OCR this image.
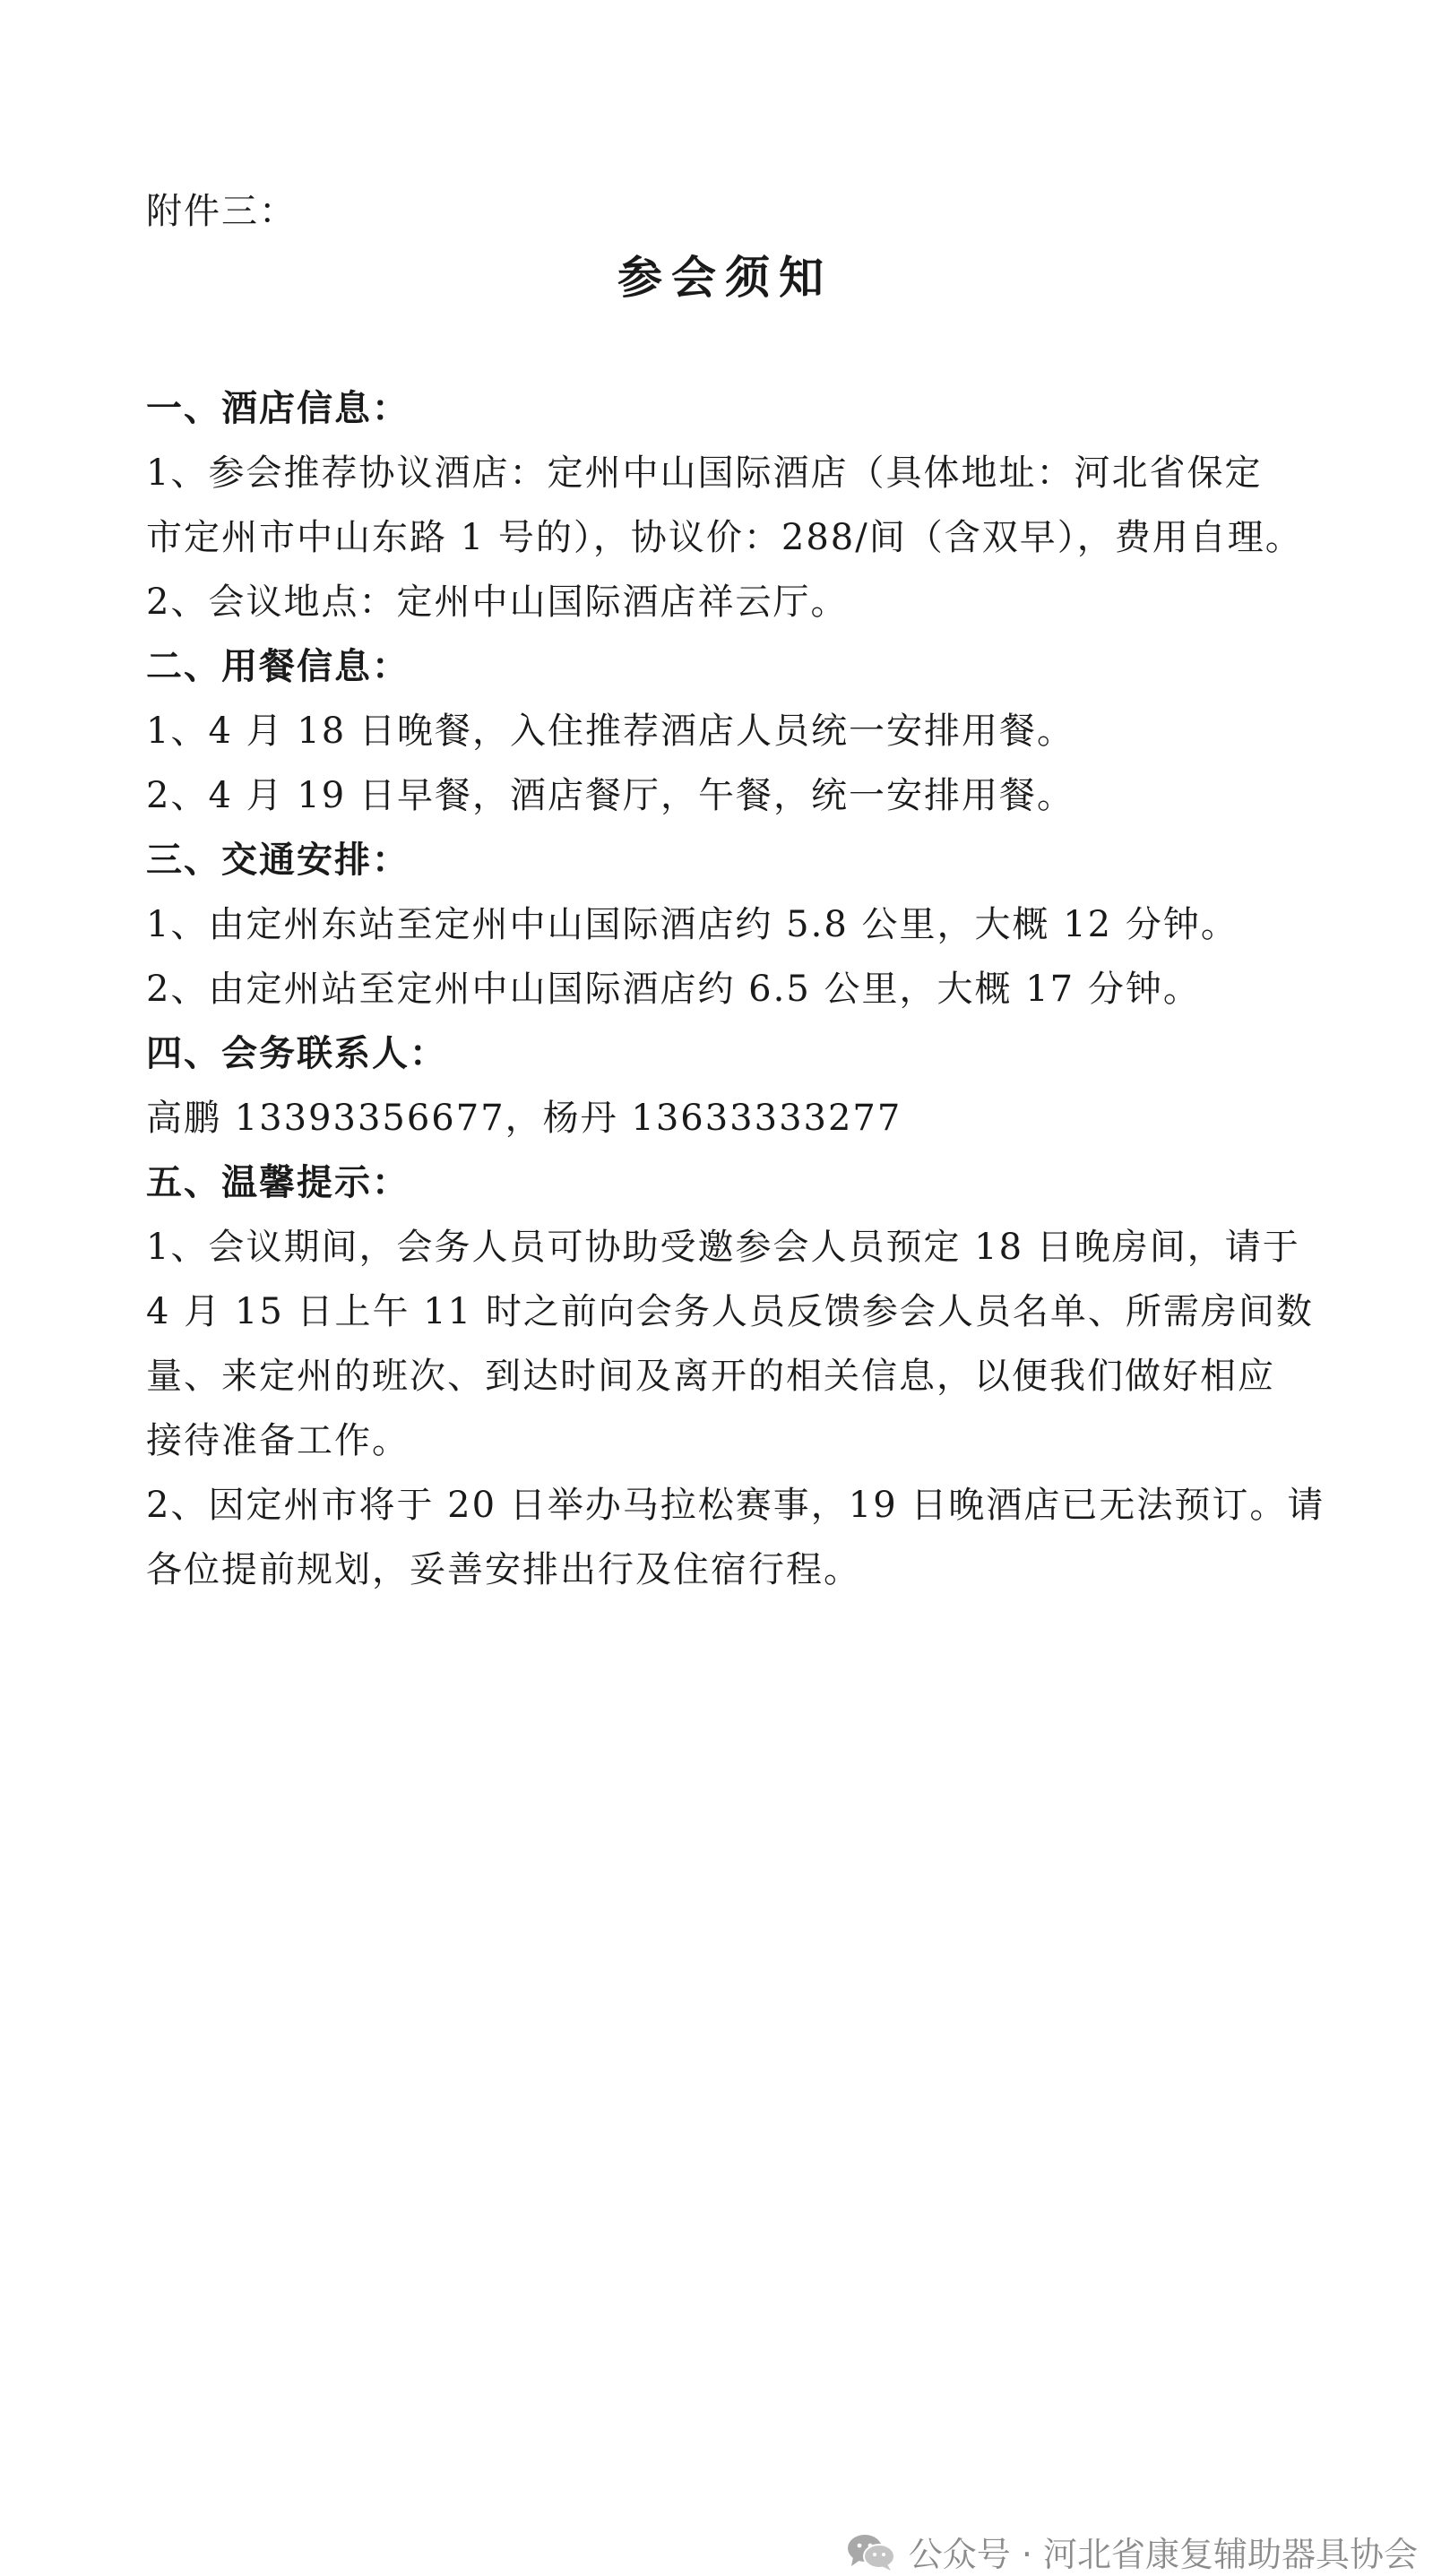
附件三：
参会须知
一、酒店信息：
1、参会推荐协议酒店：定州中山国际酒店（具体地址：河北省保定
市定州市中山东路 1 号的），协议价：288/间（含双早），费用自理。
2、会议地点：定州中山国际酒店祥云厅。
二、用餐信息：
1、4 月 18 日晚餐，入住推荐酒店人员统一安排用餐。
2、4 月 19 日早餐，酒店餐厅，午餐，统一安排用餐。
三、交通安排：
1、由定州东站至定州中山国际酒店约 5.8 公里，大概 12 分钟。
2、由定州站至定州中山国际酒店约 6.5 公里，大概 17 分钟。
四、会务联系人：
高鹏 13393356677，杨丹 13633333277
五、温馨提示：
1、会议期间，会务人员可协助受邀参会人员预定 18 日晚房间，请于
4 月 15 日上午 11 时之前向会务人员反馈参会人员名单、所需房间数
量、来定州的班次、到达时间及离开的相关信息，以便我们做好相应
接待准备工作。
2、因定州市将于 20 日举办马拉松赛事，19 日晚酒店已无法预订。请
各位提前规划，妥善安排出行及住宿行程。
公众号 · 河北省康复辅助器具协会
